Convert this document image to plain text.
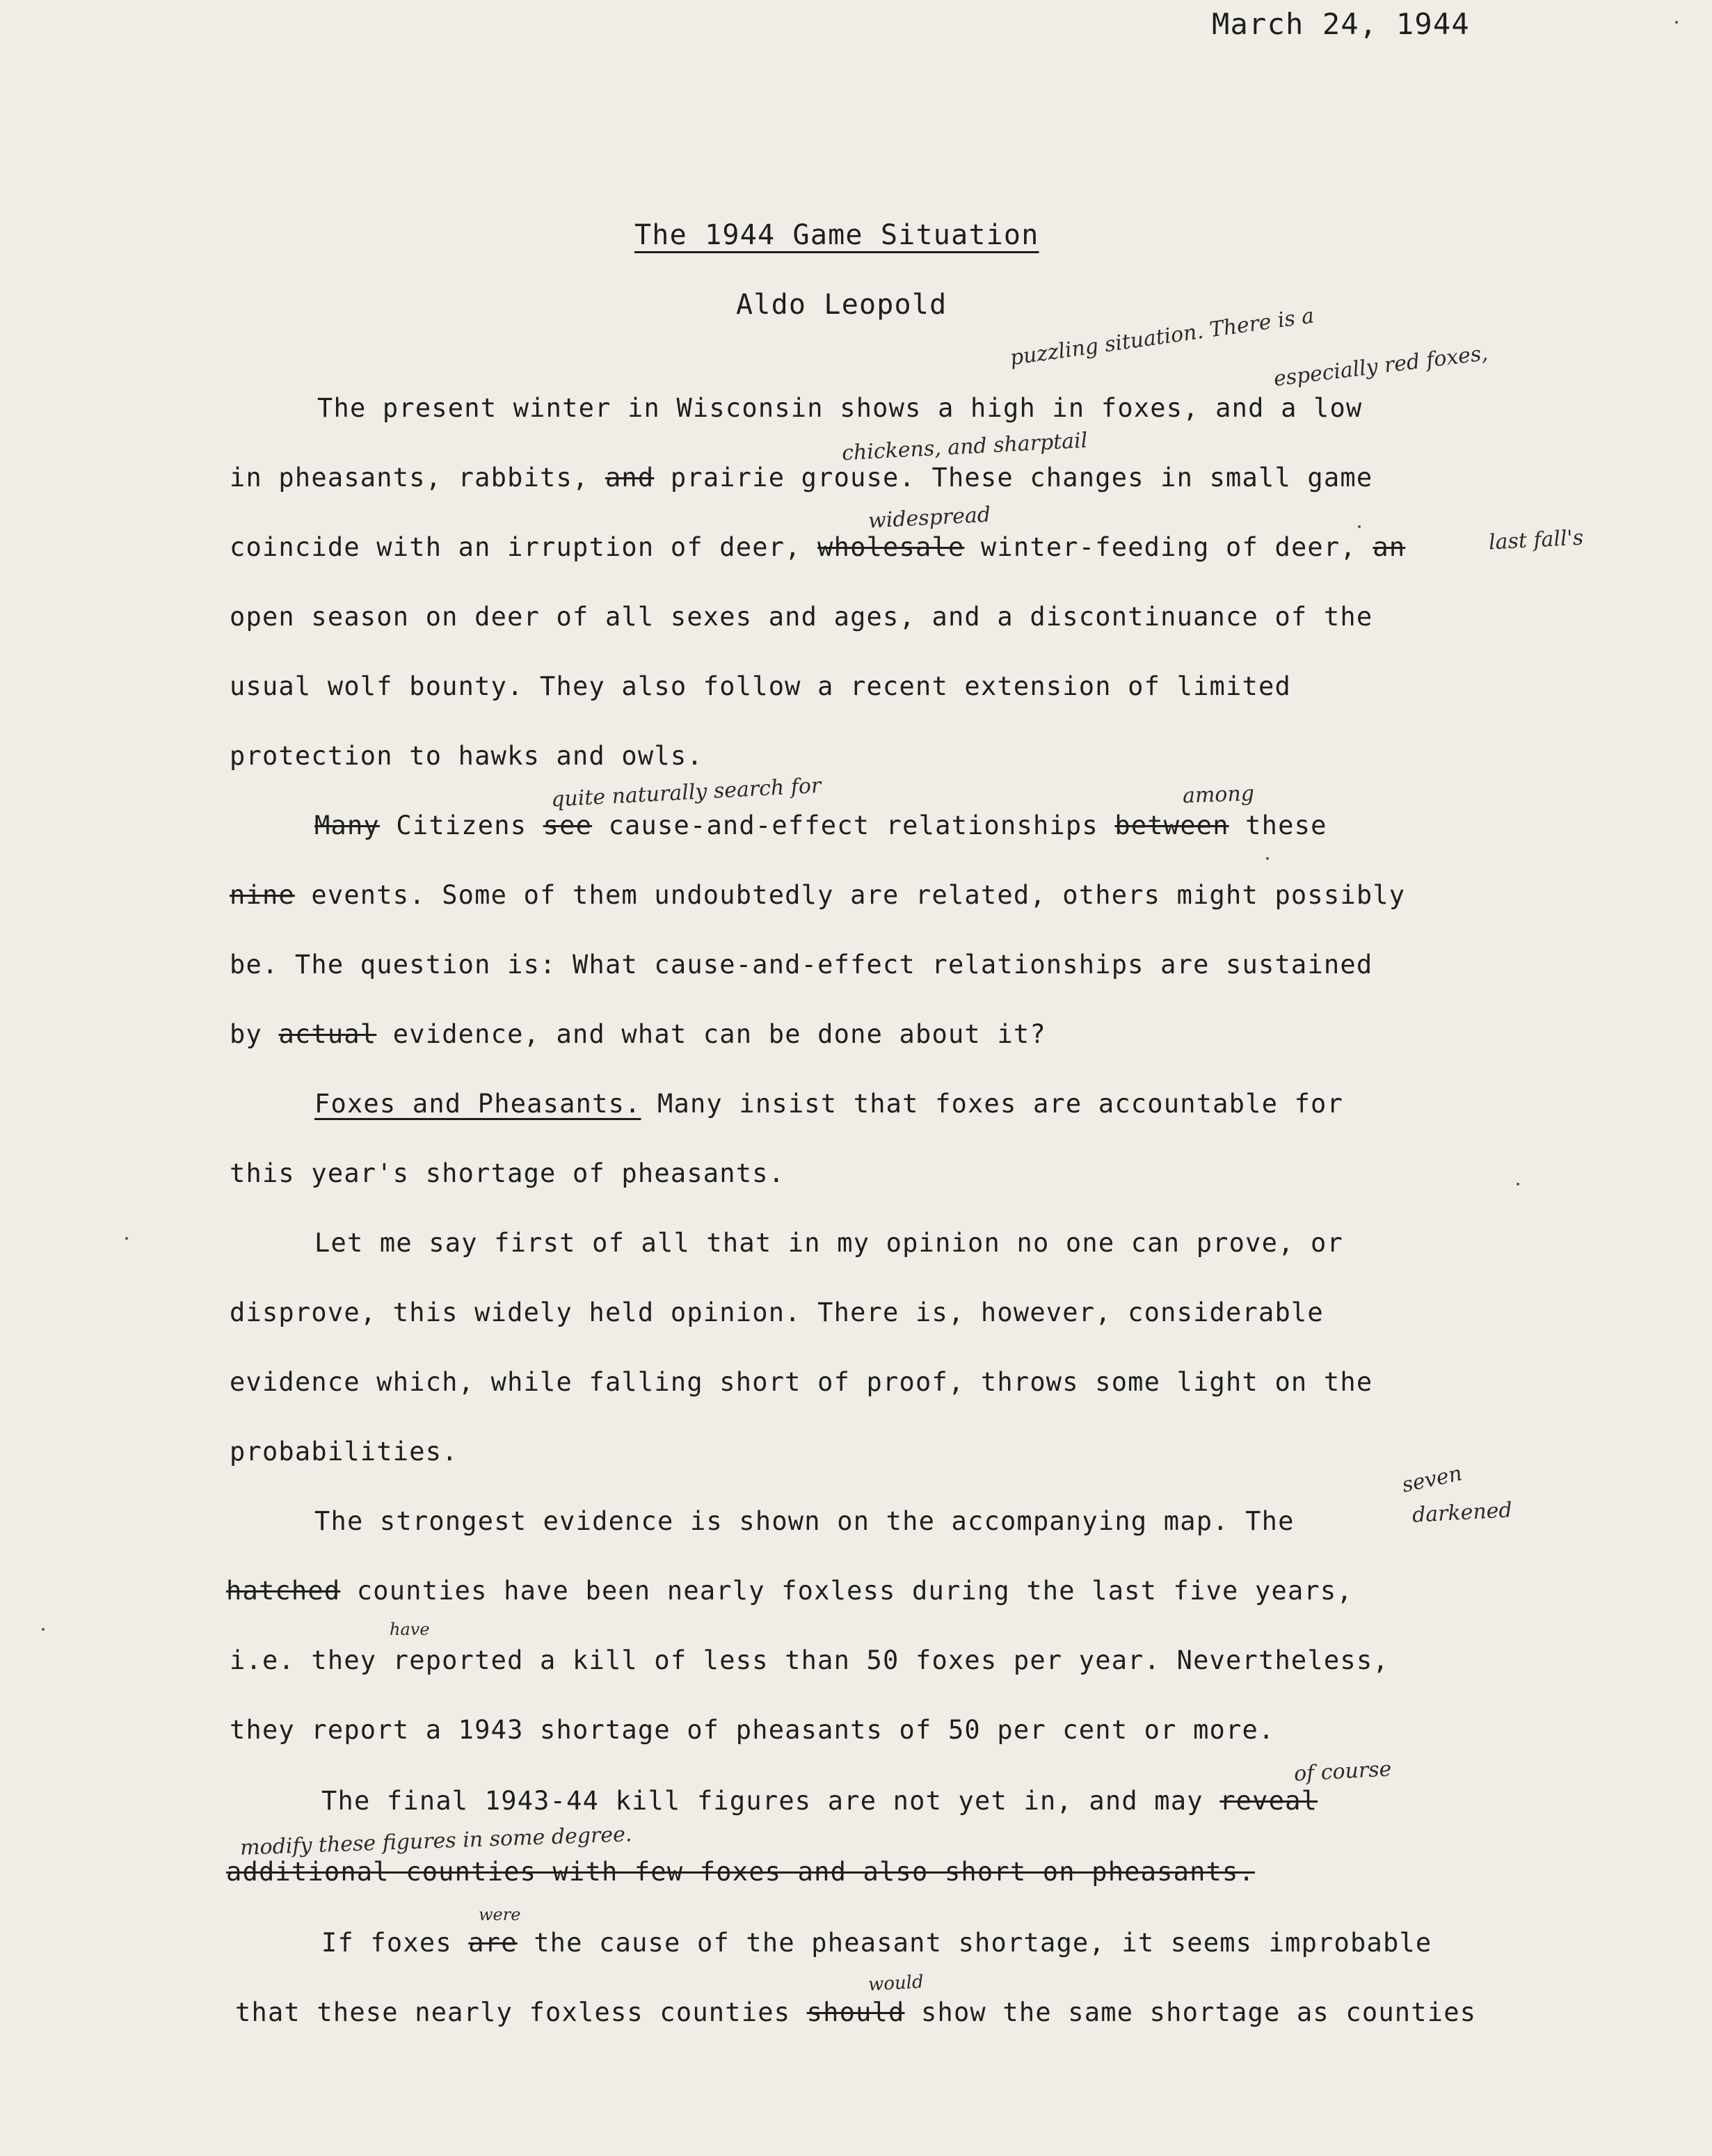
March 24, 1944
The 1944 Game Situation
Aldo Leopold
The present winter in Wisconsin shows a high in foxes, and a low
in pheasants, rabbits, and prairie grouse. These changes in small game
coincide with an irruption of deer, wholesale winter-feeding of deer, an
open season on deer of all sexes and ages, and a discontinuance of the
usual wolf bounty. They also follow a recent extension of limited
protection to hawks and owls.
Many Citizens see cause-and-effect relationships between these
nine events. Some of them undoubtedly are related, others might possibly
be. The question is: What cause-and-effect relationships are sustained
by actual evidence, and what can be done about it?
Foxes and Pheasants. Many insist that foxes are accountable for
this year's shortage of pheasants.
Let me say first of all that in my opinion no one can prove, or
disprove, this widely held opinion. There is, however, considerable
evidence which, while falling short of proof, throws some light on the
probabilities.
The strongest evidence is shown on the accompanying map. The
hatched counties have been nearly foxless during the last five years,
i.e. they reported a kill of less than 50 foxes per year. Nevertheless,
they report a 1943 shortage of pheasants of 50 per cent or more.
The final 1943-44 kill figures are not yet in, and may reveal
additional counties with few foxes and also short on pheasants.
If foxes are the cause of the pheasant shortage, it seems improbable
that these nearly foxless counties should show the same shortage as counties
puzzling situation. There is a
especially red foxes,
chickens, and sharptail
widespread
last fall's
quite naturally search for	among
seven
darkened
have
of course
modify these figures in some degree.
were
would
